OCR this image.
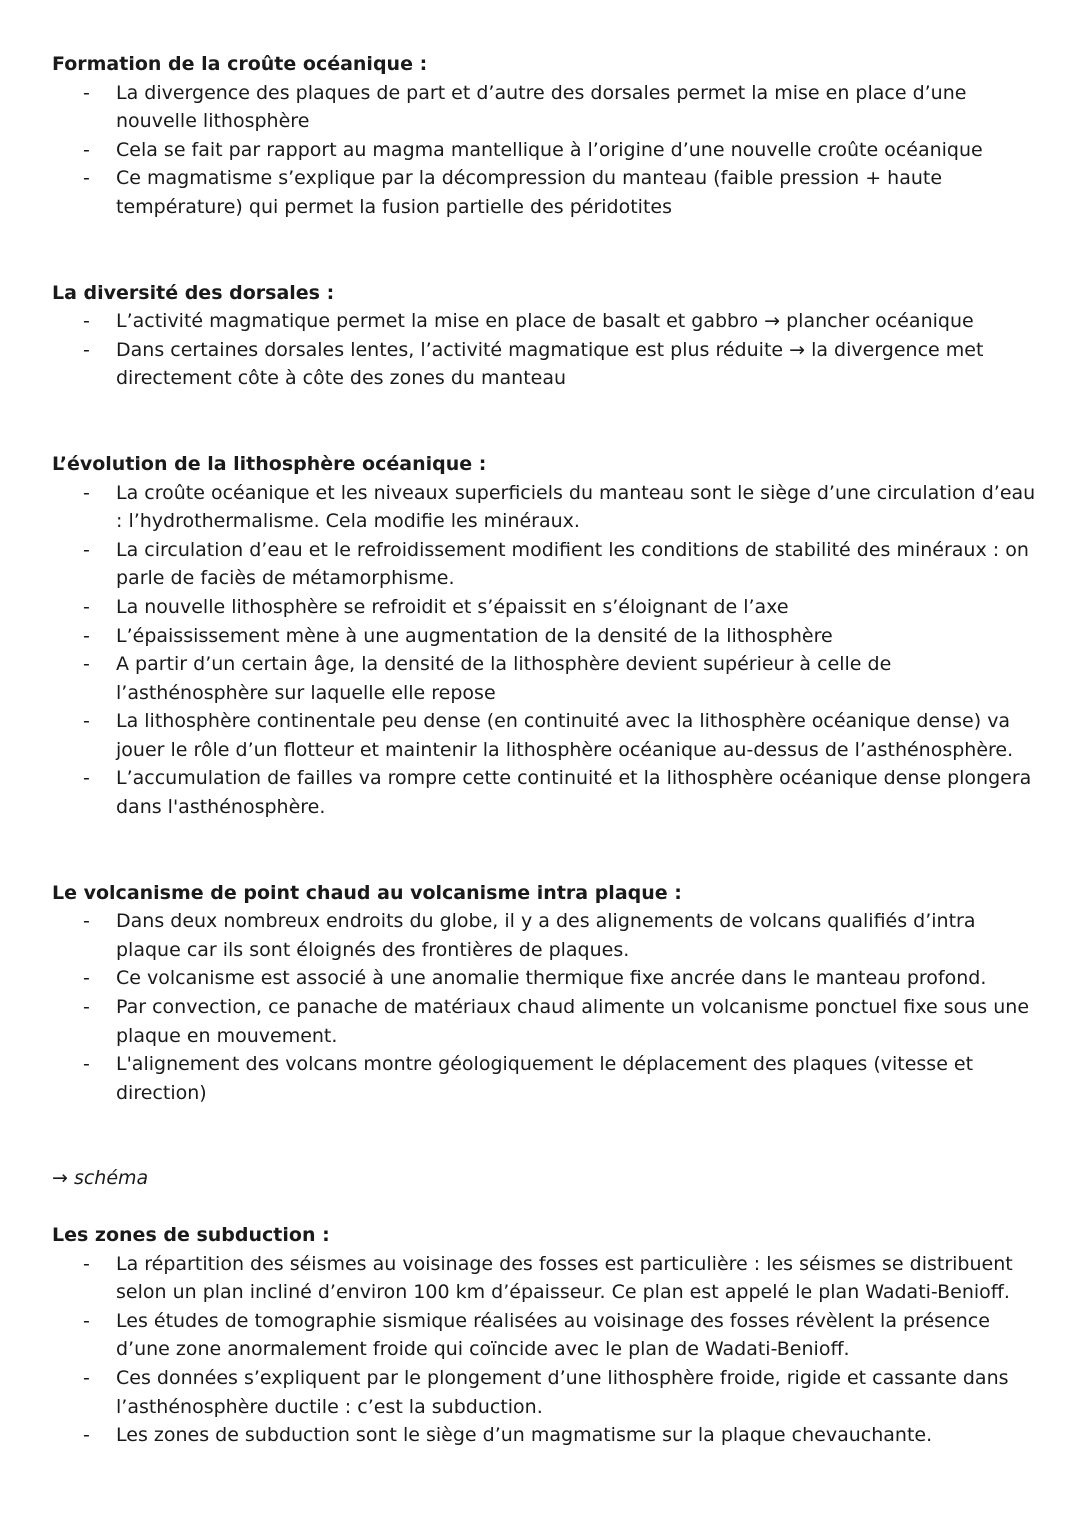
Formation de la croûte océanique :

- La divergence des plaques de part et d’autre des dorsales permet la mise en place d’une nouvelle lithosphère
- Cela se fait par rapport au magma mantellique à l’origine d’une nouvelle croûte océanique
- Ce magmatisme s’explique par la décompression du manteau (faible pression + haute température) qui permet la fusion partielle des péridotites

La diversité des dorsales :

- L’activité magmatique permet la mise en place de basalt et gabbro → plancher océanique
- Dans certaines dorsales lentes, l’activité magmatique est plus réduite → la divergence met directement côte à côte des zones du manteau

L’évolution de la lithosphère océanique :

- La croûte océanique et les niveaux superficiels du manteau sont le siège d’une circulation d’eau : l’hydrothermalisme. Cela modifie les minéraux.
- La circulation d’eau et le refroidissement modifient les conditions de stabilité des minéraux : on parle de faciès de métamorphisme.
- La nouvelle lithosphère se refroidit et s’épaissit en s’éloignant de l’axe
- L’épaississement mène à une augmentation de la densité de la lithosphère
- A partir d’un certain âge, la densité de la lithosphère devient supérieur à celle de l’asthénosphère sur laquelle elle repose
- La lithosphère continentale peu dense (en continuité avec la lithosphère océanique dense) va jouer le rôle d’un flotteur et maintenir la lithosphère océanique au-dessus de l’asthénosphère.
- L’accumulation de failles va rompre cette continuité et la lithosphère océanique dense plongera dans l'asthénosphère.

Le volcanisme de point chaud au volcanisme intra plaque :

- Dans deux nombreux endroits du globe, il y a des alignements de volcans qualifiés d’intra plaque car ils sont éloignés des frontières de plaques.
- Ce volcanisme est associé à une anomalie thermique fixe ancrée dans le manteau profond.
- Par convection, ce panache de matériaux chaud alimente un volcanisme ponctuel fixe sous une plaque en mouvement.
- L'alignement des volcans montre géologiquement le déplacement des plaques (vitesse et direction)

→ schéma

Les zones de subduction :

- La répartition des séismes au voisinage des fosses est particulière : les séismes se distribuent selon un plan incliné d’environ 100 km d’épaisseur. Ce plan est appelé le plan Wadati-Benioff.
- Les études de tomographie sismique réalisées au voisinage des fosses révèlent la présence d’une zone anormalement froide qui coïncide avec le plan de Wadati-Benioff.
- Ces données s’expliquent par le plongement d’une lithosphère froide, rigide et cassante dans l’asthénosphère ductile : c’est la subduction.
- Les zones de subduction sont le siège d’un magmatisme sur la plaque chevauchante.
